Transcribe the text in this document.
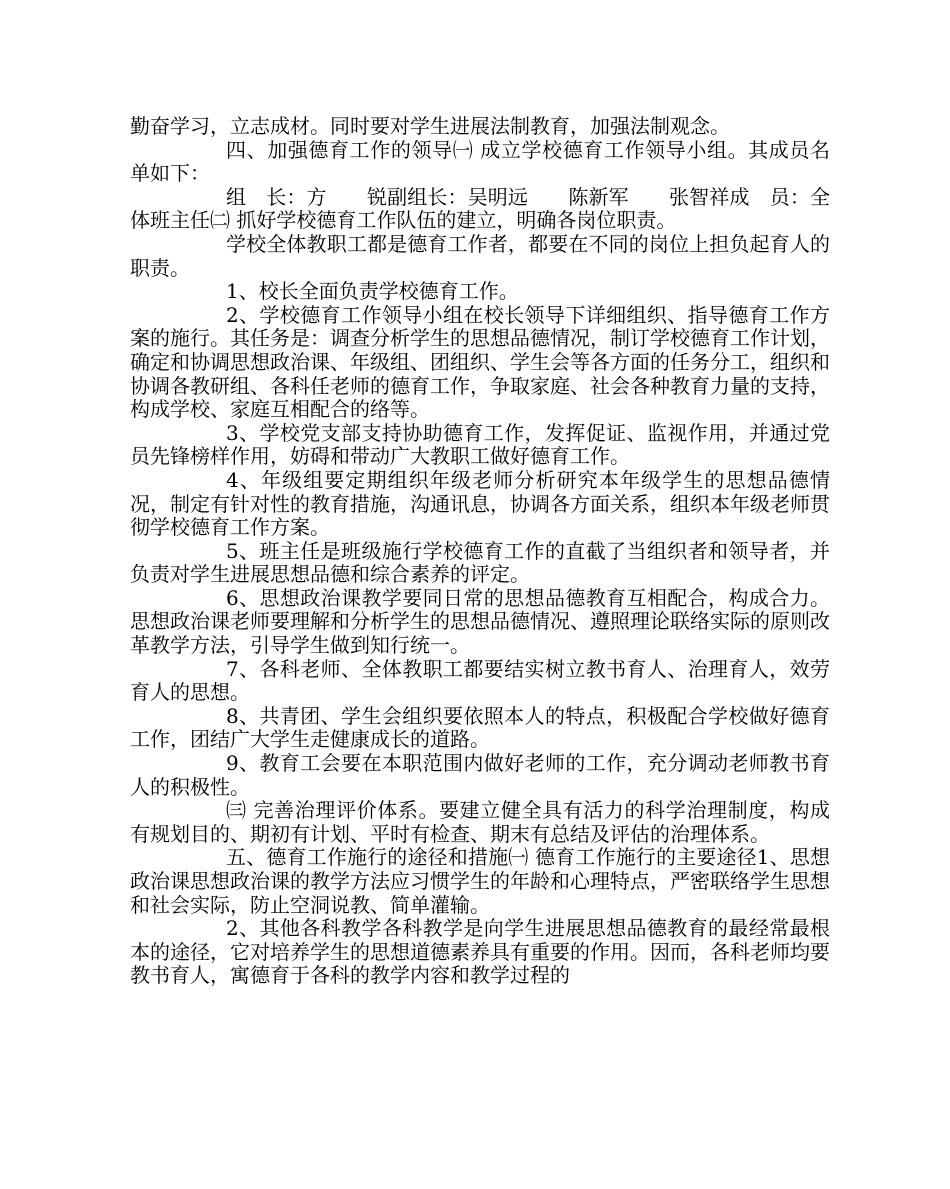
勤奋学习，立志成材。同时要对学生进展法制教育，加强法制观念。

四、加强德育工作的领导㈠ 成立学校德育工作领导小组。其成员名单如下：

组　长：方　　锐副组长：吴明远　　陈新军　　张智祥成　员：全体班主任㈡ 抓好学校德育工作队伍的建立，明确各岗位职责。

学校全体教职工都是德育工作者，都要在不同的岗位上担负起育人的职责。

1、校长全面负责学校德育工作。

2、学校德育工作领导小组在校长领导下详细组织、指导德育工作方案的施行。其任务是：调查分析学生的思想品德情况，制订学校德育工作计划，确定和协调思想政治课、年级组、团组织、学生会等各方面的任务分工，组织和协调各教研组、各科任老师的德育工作，争取家庭、社会各种教育力量的支持，构成学校、家庭互相配合的络等。

3、学校党支部支持协助德育工作，发挥促证、监视作用，并通过党员先锋榜样作用，妨碍和带动广大教职工做好德育工作。

4、年级组要定期组织年级老师分析研究本年级学生的思想品德情况，制定有针对性的教育措施，沟通讯息，协调各方面关系，组织本年级老师贯彻学校德育工作方案。

5、班主任是班级施行学校德育工作的直截了当组织者和领导者，并负责对学生进展思想品德和综合素养的评定。

6、思想政治课教学要同日常的思想品德教育互相配合，构成合力。思想政治课老师要理解和分析学生的思想品德情况、遵照理论联络实际的原则改革教学方法，引导学生做到知行统一。

7、各科老师、全体教职工都要结实树立教书育人、治理育人，效劳育人的思想。

8、共青团、学生会组织要依照本人的特点，积极配合学校做好德育工作，团结广大学生走健康成长的道路。

9、教育工会要在本职范围内做好老师的工作，充分调动老师教书育人的积极性。

㈢ 完善治理评价体系。要建立健全具有活力的科学治理制度，构成有规划目的、期初有计划、平时有检查、期末有总结及评估的治理体系。

五、德育工作施行的途径和措施㈠ 德育工作施行的主要途径1、思想政治课思想政治课的教学方法应习惯学生的年龄和心理特点，严密联络学生思想和社会实际，防止空洞说教、简单灌输。

2、其他各科教学各科教学是向学生进展思想品德教育的最经常最根本的途径，它对培养学生的思想道德素养具有重要的作用。因而，各科老师均要教书育人，寓德育于各科的教学内容和教学过程的
